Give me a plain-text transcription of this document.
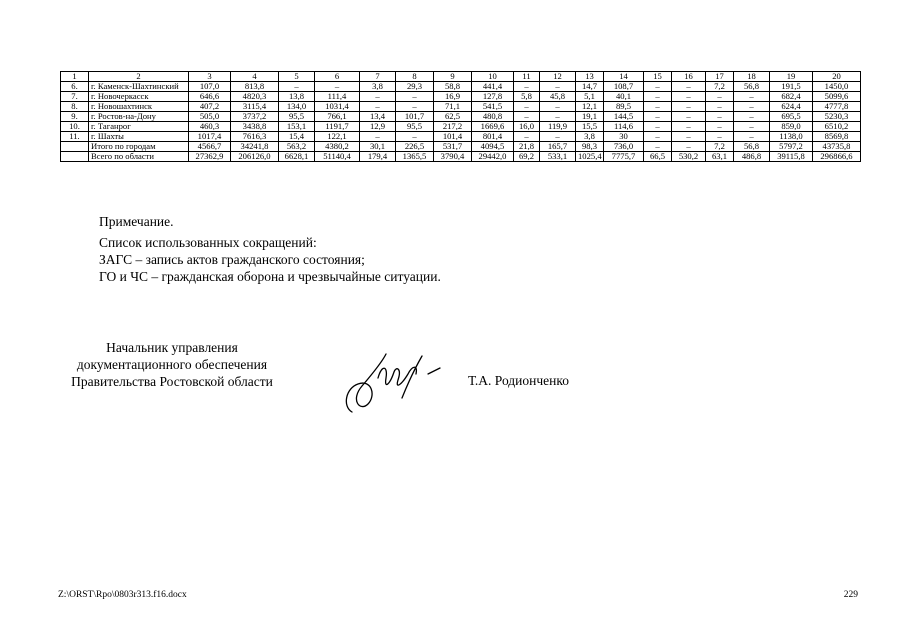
1	2	3	4	5	6	7	8	9	10	11	12	13	14	15	16	17	18	19	20
6.	г. Каменск-Шахтинский	107,0	813,8	–	–	3,8	29,3	58,8	441,4	–	–	14,7	108,7	–	–	7,2	56,8	191,5	1450,0
7.	г. Новочеркасск	646,6	4820,3	13,8	111,4	–	–	16,9	127,8	5,8	45,8	5,1	40,1	–	–	–	–	682,4	5099,6
8.	г. Новошахтинск	407,2	3115,4	134,0	1031,4	–	–	71,1	541,5	–	–	12,1	89,5	–	–	–	–	624,4	4777,8
9.	г. Ростов-на-Дону	505,0	3737,2	95,5	766,1	13,4	101,7	62,5	480,8	–	–	19,1	144,5	–	–	–	–	695,5	5230,3
10.	г. Таганрог	460,3	3438,8	153,1	1191,7	12,9	95,5	217,2	1669,6	16,0	119,9	15,5	114,6	–	–	–	–	859,0	6510,2
11.	г. Шахты	1017,4	7616,3	15,4	122,1	–	–	101,4	801,4	–	–	3,8	30	–	–	–	–	1138,0	8569,8
	Итого по городам	4566,7	34241,8	563,2	4380,2	30,1	226,5	531,7	4094,5	21,8	165,7	98,3	736,0	–	–	7,2	56,8	5797,2	43735,8
	Всего по области	27362,9	206126,0	6628,1	51140,4	179,4	1365,5	3790,4	29442,0	69,2	533,1	1025,4	7775,7	66,5	530,2	63,1	486,8	39115,8	296866,6
Примечание.
Список использованных сокращений:
ЗАГС – запись актов гражданского состояния;
ГО и ЧС – гражданская оборона и чрезвычайные ситуации.
Начальник управления
документационного обеспечения
Правительства Ростовской области	Т.А. Родионченко
Z:\ORST\Rpo\0803r313.f16.docx	229
